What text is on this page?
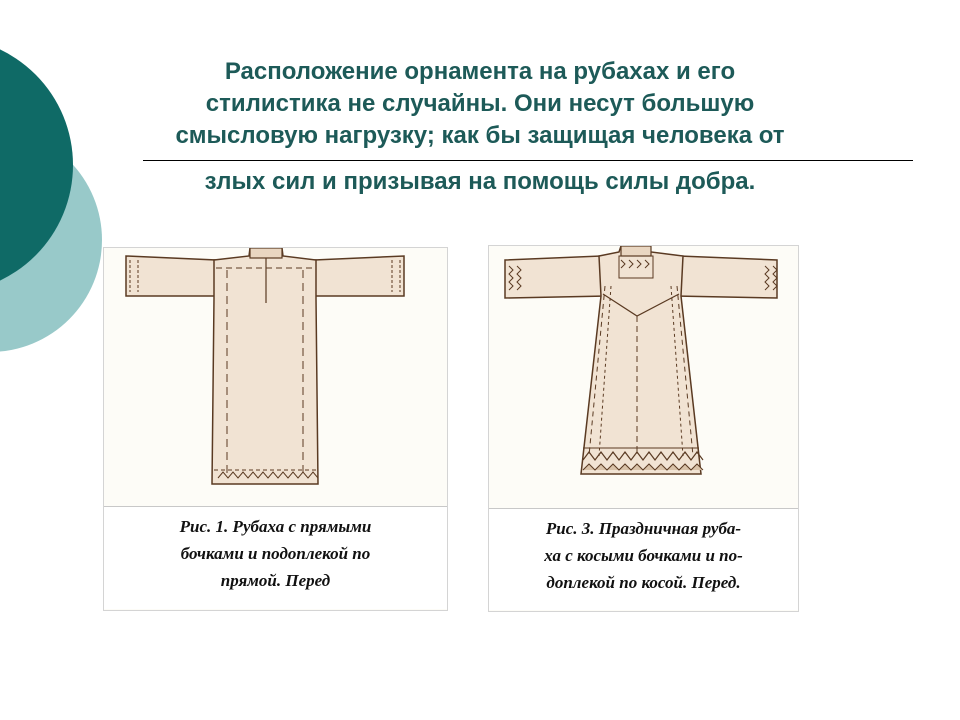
Расположение орнамента на рубахах и его
стилистика не случайны. Они несут большую
смысловую нагрузку; как бы защищая человека от
злых сил и призывая на помощь силы добра.
Рис. 1. Рубаха с прямыми
бочками и подоплекой по
прямой. Перед
Рис. 3. Праздничная руба-
ха с косыми бочками и по-
доплекой по косой. Перед.
